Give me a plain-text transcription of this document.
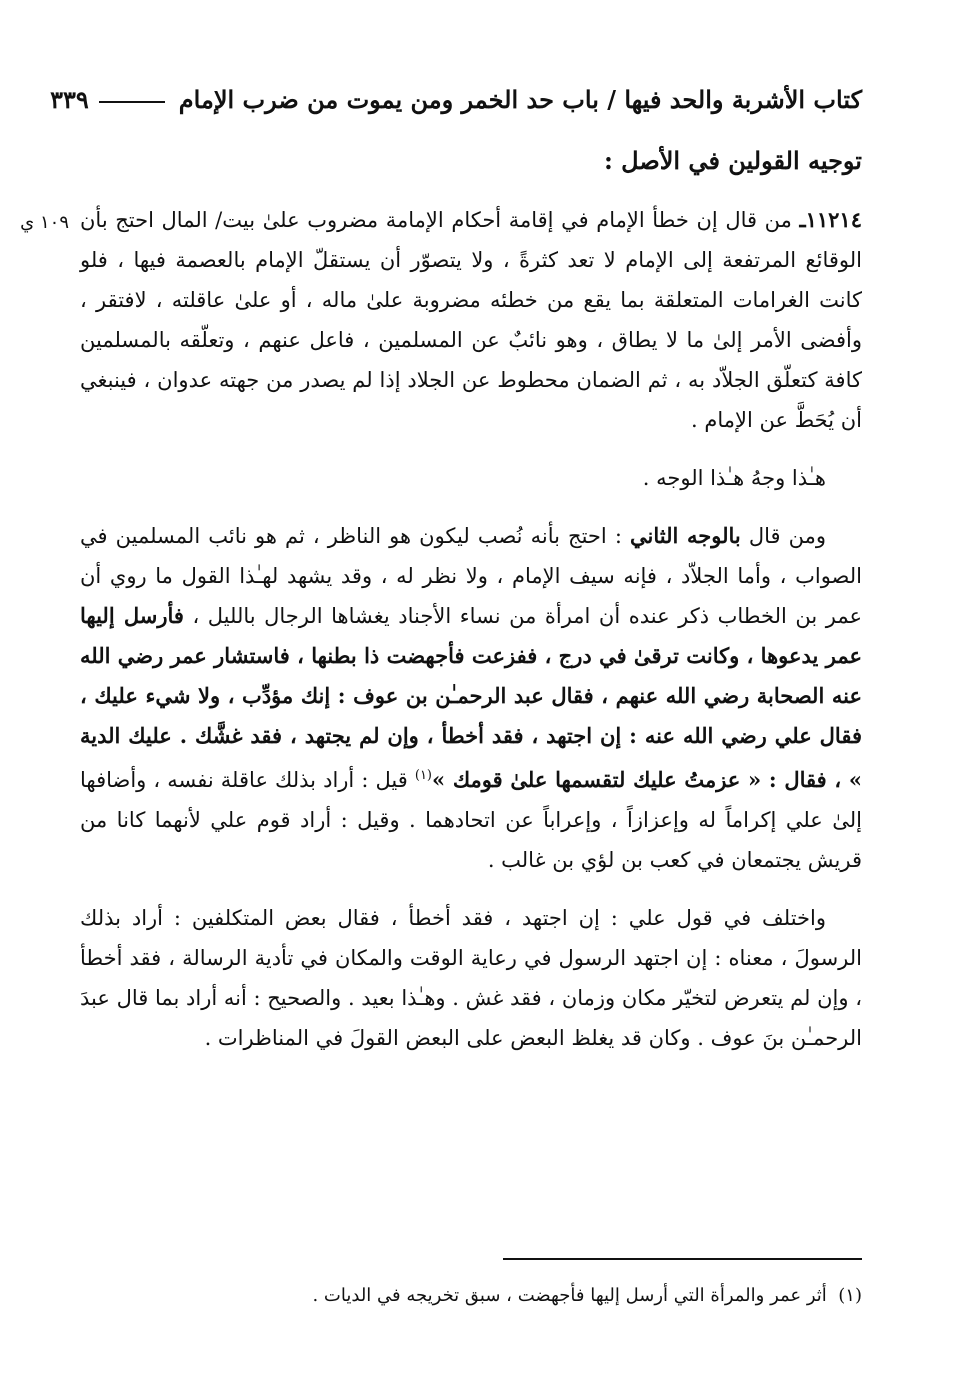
كتاب الأشربة والحد فيها / باب حد الخمر ومن يموت من ضرب الإمام٣٣٩
توجيه القولين في الأصل :
١٠٩ ي	١١٢١٤ـ من قال إن خطأ الإمام في إقامة أحكام الإمامة مضروب علىٰ بيت/ المال احتج بأن الوقائع المرتفعة إلى الإمام لا تعد كثرةً ، ولا يتصوّر أن يستقلّ الإمام بالعصمة فيها ، فلو كانت الغرامات المتعلقة بما يقع من خطئه مضروبة علىٰ ماله ، أو علىٰ عاقلته ، لافتقر ، وأفضى الأمر إلىٰ ما لا يطاق ، وهو نائبٌ عن المسلمين ، فاعل عنهم ، وتعلّقه بالمسلمين كافة كتعلّق الجلاّد به ، ثم الضمان محطوط عن الجلاد إذا لم يصدر من جهته عدوان ، فينبغي أن يُحَطَّ عن الإمام .

هـٰذا وجهُ هـٰذا الوجه .

ومن قال بالوجه الثاني : احتج بأنه نُصب ليكون هو الناظر ، ثم هو نائب المسلمين في الصواب ، وأما الجلاّد ، فإنه سيف الإمام ، ولا نظر له ، وقد يشهد لهـٰذا القول ما روي أن عمر بن الخطاب ذكر عنده أن امرأة من نساء الأجناد يغشاها الرجال بالليل ، فأرسل إليها عمر يدعوها ، وكانت ترقىٰ في درج ، ففزعت فأجهضت ذا بطنها ، فاستشار عمر رضي الله عنه الصحابة رضي الله عنهم ، فقال عبد الرحمـٰن بن عوف : إنك مؤدِّب ، ولا شيء عليك ، فقال علي رضي الله عنه : إن اجتهد ، فقد أخطأ ، وإن لم يجتهد ، فقد غشَّك . عليك الدية » ، فقال : « عزمتُ عليك لتقسمها علىٰ قومك »$^{(١)}$ قيل : أراد بذلك عاقلة نفسه ، وأضافها إلىٰ علي إكراماً له وإعزازاً ، وإعراباً عن اتحادهما . وقيل : أراد قوم علي لأنهما كانا من قريش يجتمعان في كعب بن لؤي بن غالب .

واختلف في قول علي : إن اجتهد ، فقد أخطأ ، فقال بعض المتكلفين : أراد بذلك الرسولَ ، معناه : إن اجتهد الرسول في رعاية الوقت والمكان في تأدية الرسالة ، فقد أخطأ ، وإن لم يتعرض لتخيّر مكان وزمان ، فقد غش . وهـٰذا بعيد . والصحيح : أنه أراد بما قال عبدَ الرحمـٰن بنَ عوف . وكان قد يغلظ البعض على البعض القولَ في المناظرات .

(١)  أثر عمر والمرأة التي أرسل إليها فأجهضت ، سبق تخريجه في الديات .
